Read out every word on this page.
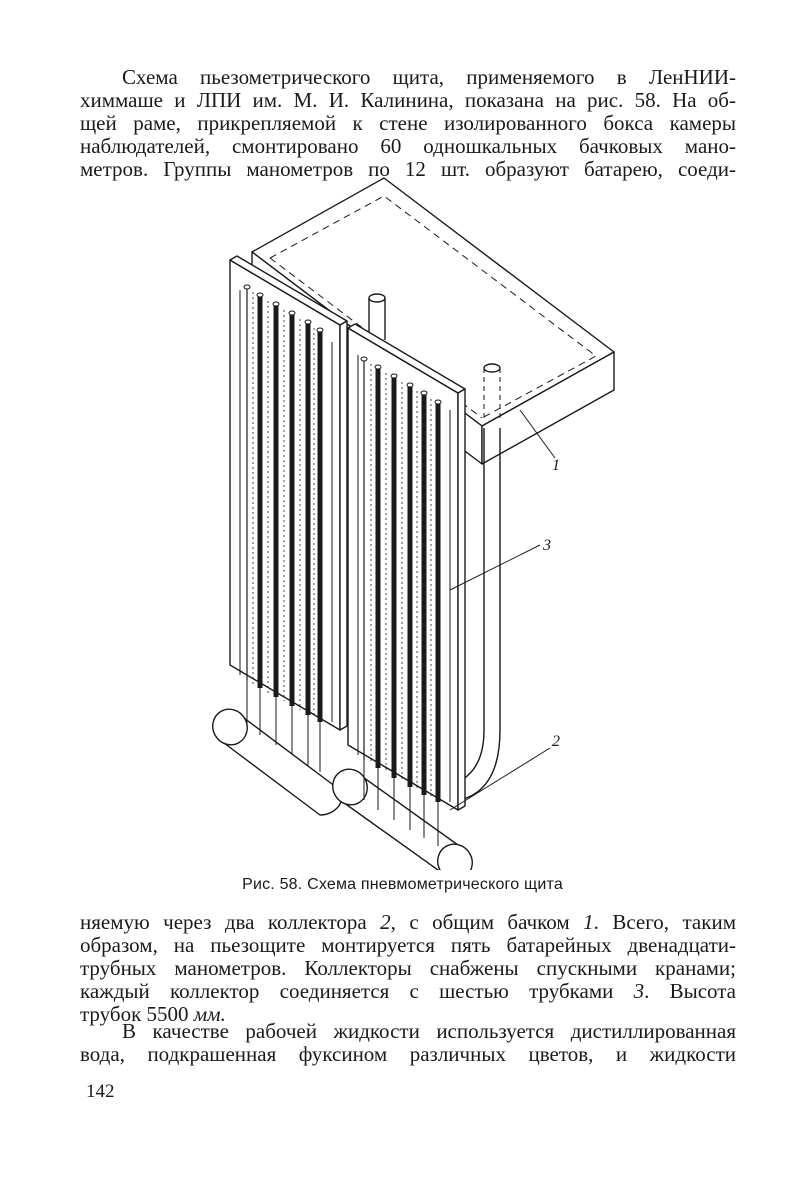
Схема пьезометрического щита, применяемого в ЛенНИИ-
химмаше и ЛПИ им. М. И. Калинина, показана на рис. 58. На об-
щей раме, прикрепляемой к стене изолированного бокса камеры
наблюдателей, смонтировано 60 одношкальных бачковых мано-
метров. Группы манометров по 12 шт. образуют батарею, соеди-
1
3
2
Рис. 58. Схема пневмометрического щита
няемую через два коллектора 2, с общим бачком 1. Всего, таким
образом, на пьезощите монтируется пять батарейных двенадцати-
трубных манометров. Коллекторы снабжены спускными кранами;
каждый коллектор соединяется с шестью трубками 3. Высота
трубок 5500 мм.
В качестве рабочей жидкости используется дистиллированная
вода, подкрашенная фуксином различных цветов, и жидкости
142
